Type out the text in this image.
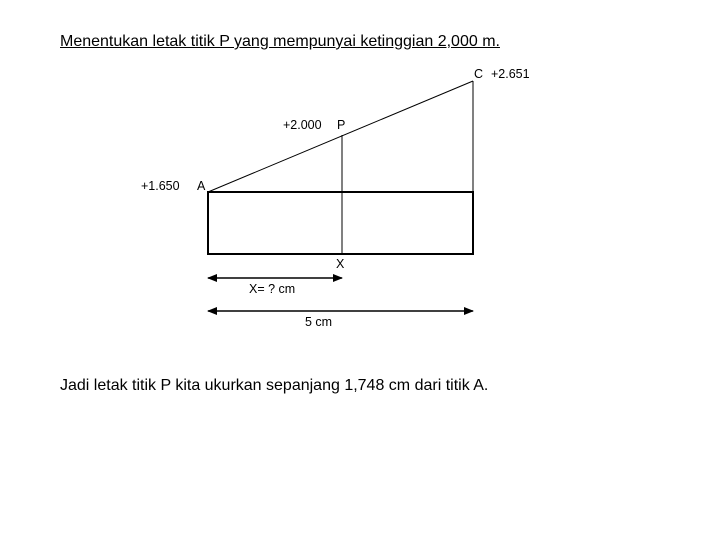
Menentukan letak titik P yang mempunyai ketinggian 2,000 m.
C +2.651
+2.000 P
+1.650 A
X
X= ? cm
5 cm
Jadi letak titik P kita ukurkan sepanjang 1,748 cm dari titik A.
